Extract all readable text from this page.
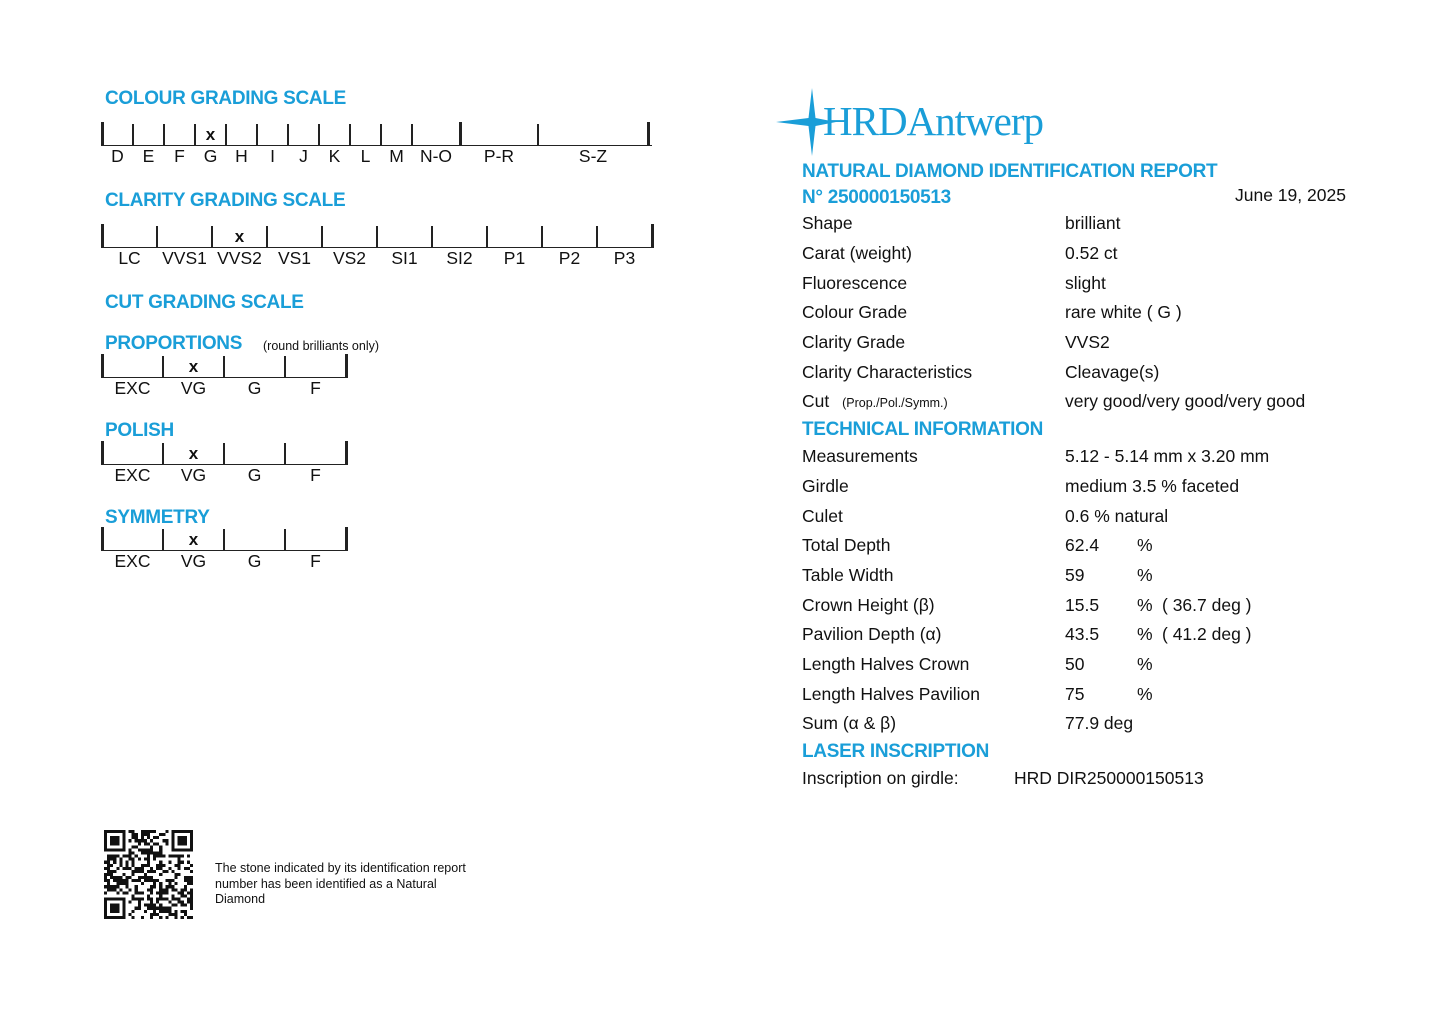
COLOUR GRADING SCALE
D	E	F	G
x
H	I	J	K	L	M N-O	P-R	S-Z
CLARITY GRADING SCALE
LC	VVS1 VVS2
x
VS1	VS2	SI1	SI2	P1	P2	P3
CUT GRADING SCALE
PROPORTIONS (round brilliants only)
EXC	VG
x
G	F
POLISH
EXC	VG
x
G	F
SYMMETRY
EXC	VG
x
G	F
The stone indicated by its identification report
number has been identified as a Natural
Diamond
HRDAntwerp
NATURAL DIAMOND IDENTIFICATION REPORT
N° 250000150513	June 19, 2025
Shape	brilliant
Carat (weight)	0.52 ct
Fluorescence	slight
Colour Grade	rare white ( G )
Clarity Grade	VVS2
Clarity Characteristics	Cleavage(s)
Cut (Prop./Pol./Symm.)	very good/very good/very good
TECHNICAL INFORMATION
Measurements	5.12 - 5.14 mm x 3.20 mm
Girdle	medium 3.5 % faceted
Culet	0.6 % natural
Total Depth	62.4 %
Table Width	59	%
Crown Height (β)	15.5 % ( 36.7 deg )
Pavilion Depth (α)	43.5 % ( 41.2 deg )
Length Halves Crown	50	%
Length Halves Pavilion	75	%
Sum (α & β)	77.9 deg
LASER INSCRIPTION
Inscription on girdle:	HRD DIR250000150513
